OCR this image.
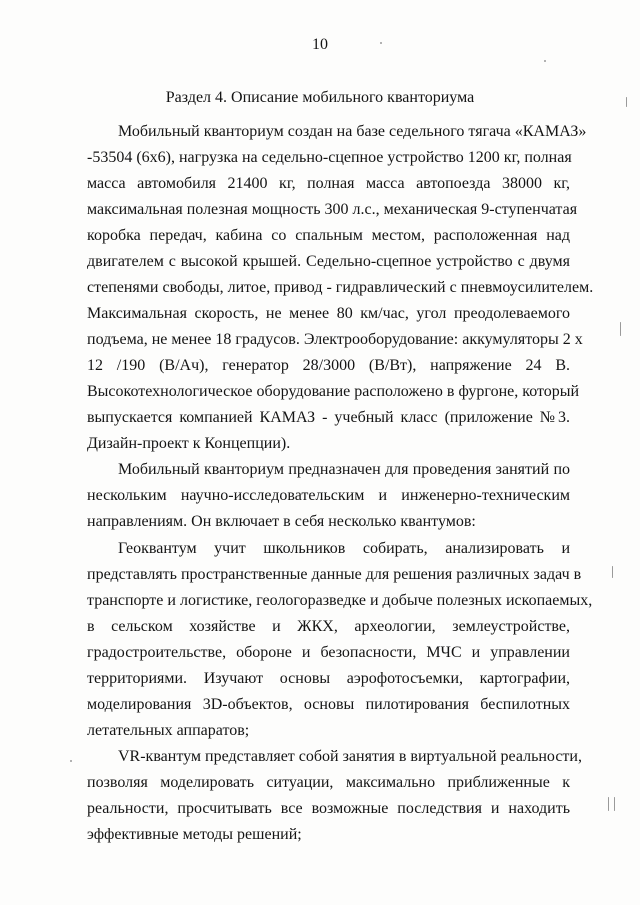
10
Раздел 4. Описание мобильного кванториума
Мобильный кванториум создан на базе седельного тягача «КАМАЗ»
-53504 (6х6), нагрузка на седельно-сцепное устройство 1200 кг, полная
масса автомобиля 21400 кг, полная масса автопоезда 38000 кг,
максимальная полезная мощность 300 л.с., механическая 9-ступенчатая
коробка передач, кабина со спальным местом, расположенная над
двигателем с высокой крышей. Седельно-сцепное устройство с двумя
степенями свободы, литое, привод - гидравлический с пневмоусилителем.
Максимальная скорость, не менее 80 км/час, угол преодолеваемого
подъема, не менее 18 градусов. Электрооборудование: аккумуляторы 2 х
12 /190 (В/Ач), генератор 28/3000 (В/Вт), напряжение 24 В.
Высокотехнологическое оборудование расположено в фургоне, который
выпускается компанией КАМАЗ - учебный класс (приложение №3.
Дизайн-проект к Концепции).
Мобильный кванториум предназначен для проведения занятий по
нескольким научно-исследовательским и инженерно-техническим
направлениям. Он включает в себя несколько квантумов:
Геоквантум учит школьников собирать, анализировать и
представлять пространственные данные для решения различных задач в
транспорте и логистике, геологоразведке и добыче полезных ископаемых,
в сельском хозяйстве и ЖКХ, археологии, землеустройстве,
градостроительстве, обороне и безопасности, МЧС и управлении
территориями. Изучают основы аэрофотосъемки, картографии,
моделирования 3D-объектов, основы пилотирования беспилотных
летательных аппаратов;
VR-квантум представляет собой занятия в виртуальной реальности,
позволяя моделировать ситуации, максимально приближенные к
реальности, просчитывать все возможные последствия и находить
эффективные методы решений;
